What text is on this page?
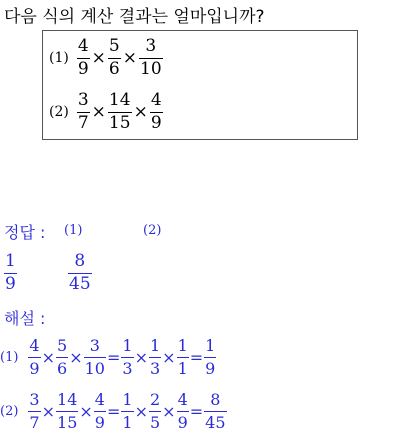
다음 식의 계산 결과는 얼마입니까?
$(1) \frac{4}{9} \times \frac{5}{6} \times \frac{3}{10}$
$(2) \frac{3}{7} \times \frac{14}{15} \times \frac{4}{9}$
정답 : (1)	(2)
1
9
8
45
해설 :
$(1) \frac{4}{9} \times \frac{5}{6} \times \frac{3}{10} = \frac{1}{3} \times \frac{1}{3} \times \frac{1}{1} = \frac{1}{9}$
$(2) \frac{3}{7} \times \frac{14}{15} \times \frac{4}{9} = \frac{1}{1} \times \frac{2}{5} \times \frac{4}{9} = \frac{8}{45}$
